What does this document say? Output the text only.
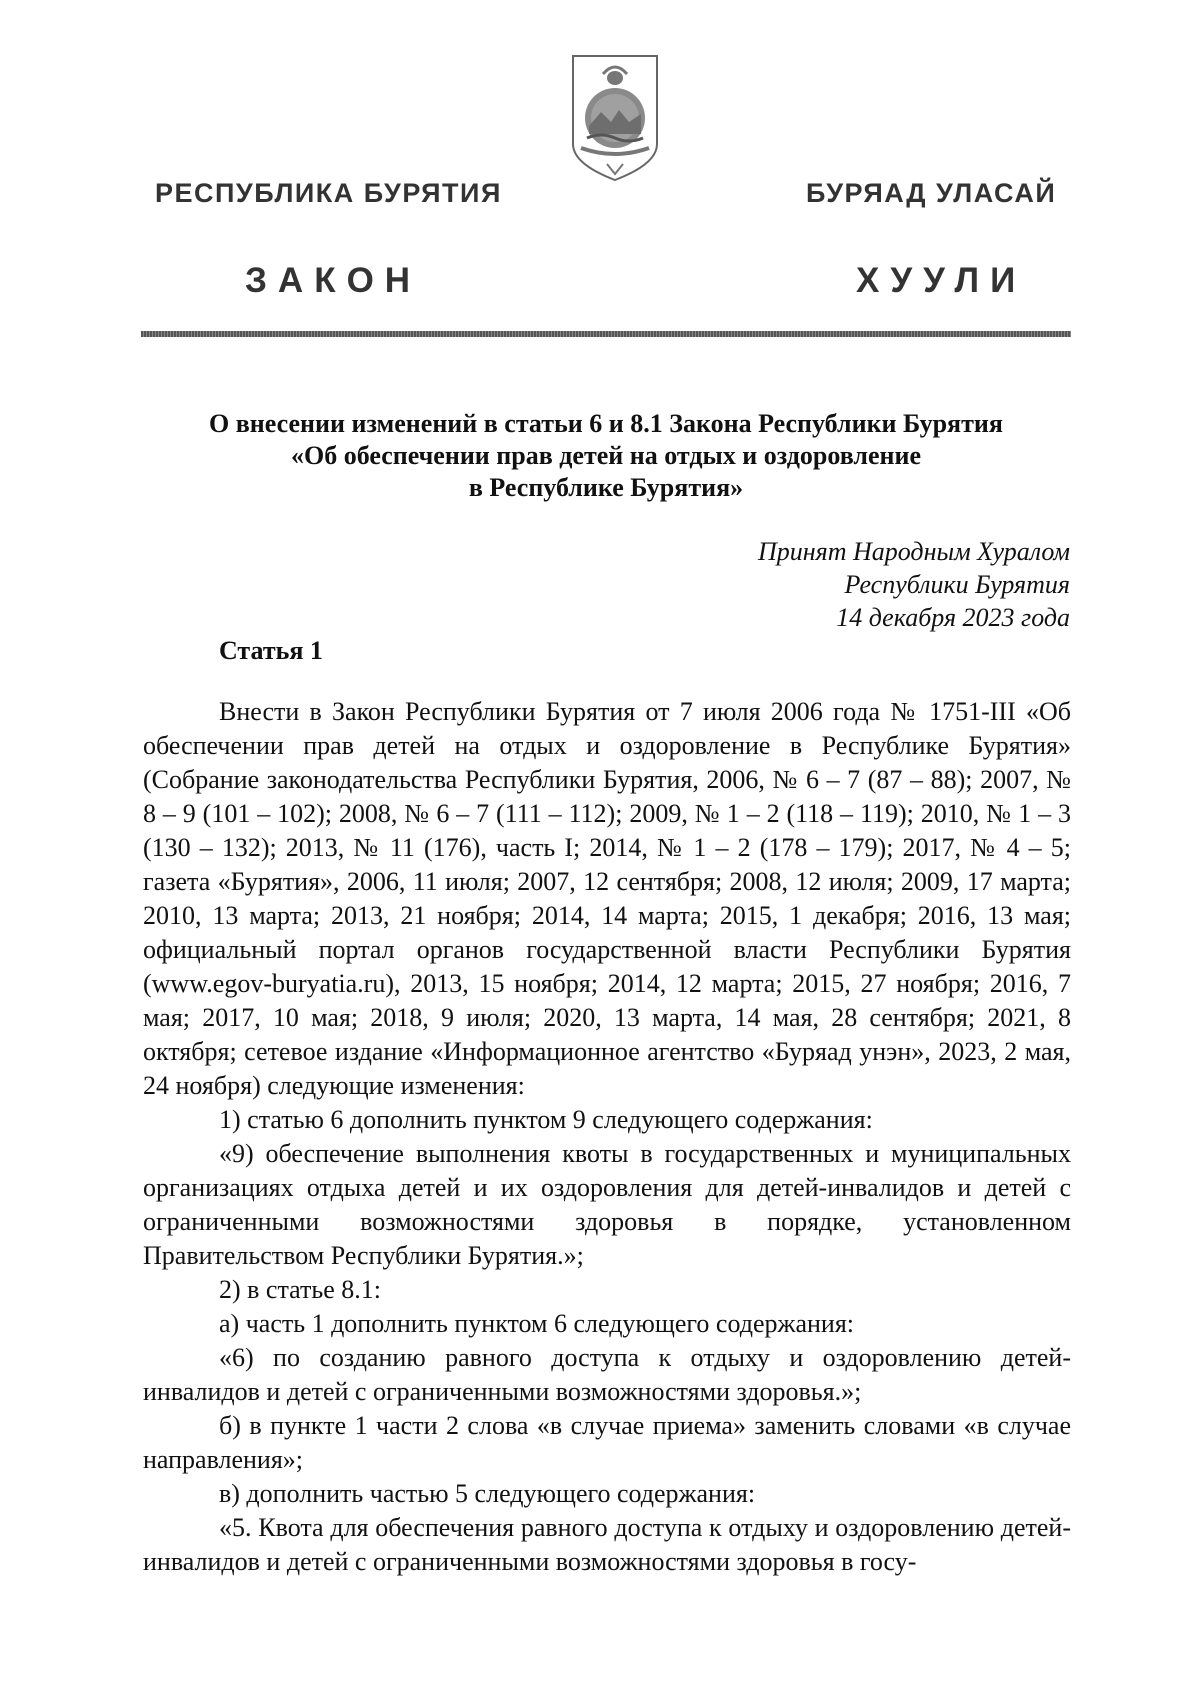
РЕСПУБЛИКА БУРЯТИЯ	БУРЯАД УЛАСАЙ
ЗАКОН	ХУУЛИ
О внесении изменений в статьи 6 и 8.1 Закона Республики Бурятия
«Об обеспечении прав детей на отдых и оздоровление
в Республике Бурятия»
Принят Народным Хуралом
Республики Бурятия
14 декабря 2023 года
Статья 1

Внести в Закон Республики Бурятия от 7 июля 2006 года № 1751-III «Об обеспечении прав детей на отдых и оздоровление в Республике Бурятия» (Собрание законодательства Республики Бурятия, 2006, № 6 – 7 (87 – 88); 2007, № 8 – 9 (101 – 102); 2008, № 6 – 7 (111 – 112); 2009, № 1 – 2 (118 – 119); 2010, № 1 – 3 (130 – 132); 2013, № 11 (176), часть I; 2014, № 1 – 2 (178 – 179); 2017, № 4 – 5; газета «Бурятия», 2006, 11 июля; 2007, 12 сентября; 2008, 12 июля; 2009, 17 марта; 2010, 13 марта; 2013, 21 ноября; 2014, 14 марта; 2015, 1 декабря; 2016, 13 мая; официальный портал органов государственной власти Республики Бурятия (www.egov-buryatia.ru), 2013, 15 ноября; 2014, 12 марта; 2015, 27 ноября; 2016, 7 мая; 2017, 10 мая; 2018, 9 июля; 2020, 13 марта, 14 мая, 28 сентября; 2021, 8 октября; сетевое издание «Информационное агентство «Буряад унэн», 2023, 2 мая, 24 ноября) следующие изменения:

1) статью 6 дополнить пунктом 9 следующего содержания:

«9) обеспечение выполнения квоты в государственных и муниципальных организациях отдыха детей и их оздоровления для детей-инвалидов и детей с ограниченными возможностями здоровья в порядке, установленном Правительством Республики Бурятия.»;

2) в статье 8.1:

а) часть 1 дополнить пунктом 6 следующего содержания:

«6) по созданию равного доступа к отдыху и оздоровлению детей-инвалидов и детей с ограниченными возможностями здоровья.»;

б) в пункте 1 части 2 слова «в случае приема» заменить словами «в случае направления»;

в) дополнить частью 5 следующего содержания:

«5. Квота для обеспечения равного доступа к отдыху и оздоровлению детей-инвалидов и детей с ограниченными возможностями здоровья в госу-
